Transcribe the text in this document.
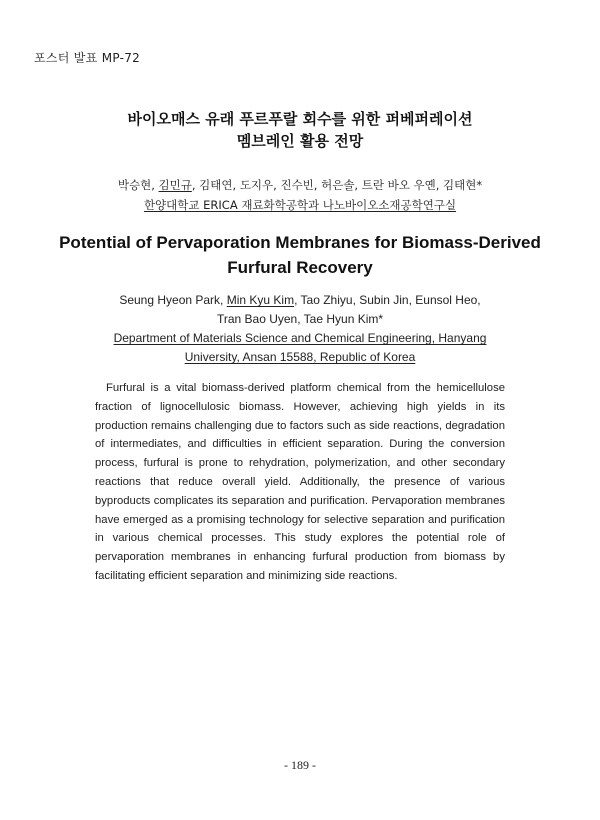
포스터 발표 MP-72
바이오매스 유래 푸르푸랄 회수를 위한 퍼베퍼레이션
멤브레인 활용 전망
박승현, 김민규, 김태연, 도지우, 진수빈, 허은솔, 트란 바오 우옌, 김태현*
한양대학교 ERICA 재료화학공학과 나노바이오소재공학연구실
Potential of Pervaporation Membranes for Biomass-Derived
Furfural Recovery
Seung Hyeon Park, Min Kyu Kim, Tao Zhiyu, Subin Jin, Eunsol Heo,
Tran Bao Uyen, Tae Hyun Kim*
Department of Materials Science and Chemical Engineering, Hanyang
University, Ansan 15588, Republic of Korea

Furfural is a vital biomass-derived platform chemical from the hemicellulose fraction of lignocellulosic biomass. However, achieving high yields in its production remains challenging due to factors such as side reactions, degradation of intermediates, and difficulties in efficient separation. During the conversion process, furfural is prone to rehydration, polymerization, and other secondary reactions that reduce overall yield. Additionally, the presence of various byproducts complicates its separation and purification. Pervaporation membranes have emerged as a promising technology for selective separation and purification in various chemical processes. This study explores the potential role of pervaporation membranes in enhancing furfural production from biomass by facilitating efficient separation and minimizing side reactions.

- 189 -
